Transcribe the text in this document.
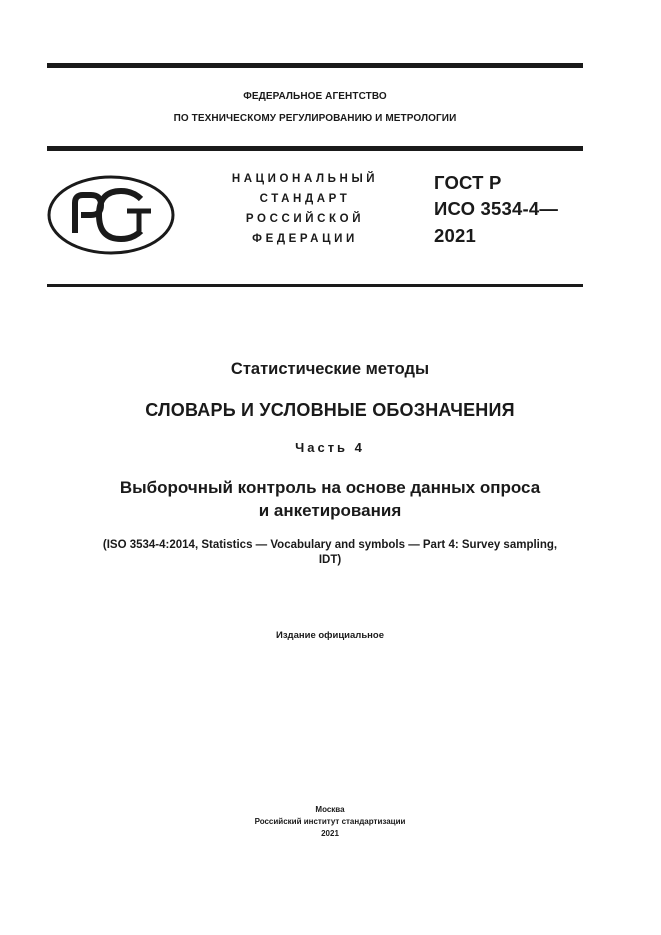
ФЕДЕРАЛЬНОЕ АГЕНТСТВО
ПО ТЕХНИЧЕСКОМУ РЕГУЛИРОВАНИЮ И МЕТРОЛОГИИ
НАЦИОНАЛЬНЫЙ
СТАНДАРТ
РОССИЙСКОЙ
ФЕДЕРАЦИИ
ГОСТ Р
ИСО 3534-4—
2021
Статистические методы
СЛОВАРЬ И УСЛОВНЫЕ ОБОЗНАЧЕНИЯ
Часть 4
Выборочный контроль на основе данных опроса
и анкетирования
(ISO 3534-4:2014, Statistics — Vocabulary and symbols — Part 4: Survey sampling,
IDT)
Издание официальное
Москва
Российский институт стандартизации
2021
